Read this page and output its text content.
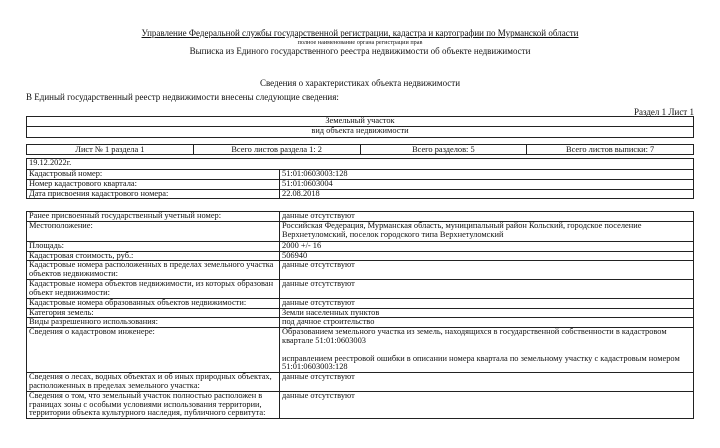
Управление Федеральной службы государственной регистрации, кадастра и картографии по Мурманской области
полное наименование органа регистрации прав
Выписка из Единого государственного реестра недвижимости об объекте недвижимости
Сведения о характеристиках объекта недвижимости
В Единый государственный реестр недвижимости внесены следующие сведения:
Раздел 1 Лист 1
Земельный участок
вид объекта недвижимости
Лист № 1 раздела 1	Всего листов раздела 1: 2	Всего разделов: 5	Всего листов выписки: 7
19.12.2022г.
Кадастровый номер:	51:01:0603003:128
Номер кадастрового квартала:	51:01:0603004
Дата присвоения кадастрового номера:	22.08.2018
Ранее присвоенный государственный учетный номер:	данные отсутствуют
Местоположение:	Российская Федерация, Мурманская область, муниципальный район Кольский, городское поселение Верхнетуломский, поселок городского типа Верхнетуломский
Площадь:	2000 +/- 16
Кадастровая стоимость, руб.:	506940
Кадастровые номера расположенных в пределах земельного участка объектов недвижимости:	данные отсутствуют
Кадастровые номера объектов недвижимости, из которых образован объект недвижимости:	данные отсутствуют
Кадастровые номера образованных объектов недвижимости:	данные отсутствуют
Категория земель:	Земли населенных пунктов
Виды разрешенного использования:	под дачное строительство
Сведения о кадастровом инженере:	Образованием земельного участка из земель, находящихся в государственной собственности в кадастровом квартале 51:01:0603003

исправлением реестровой ошибки в описании номера квартала по земельному участку с кадастровым номером 51:01:0603003:128
Сведения о лесах, водных объектах и об иных природных объектах, расположенных в пределах земельного участка:	данные отсутствуют
Сведения о том, что земельный участок полностью расположен в границах зоны с особыми условиями использования территории, территории объекта культурного наследия, публичного сервитута:	данные отсутствуют
